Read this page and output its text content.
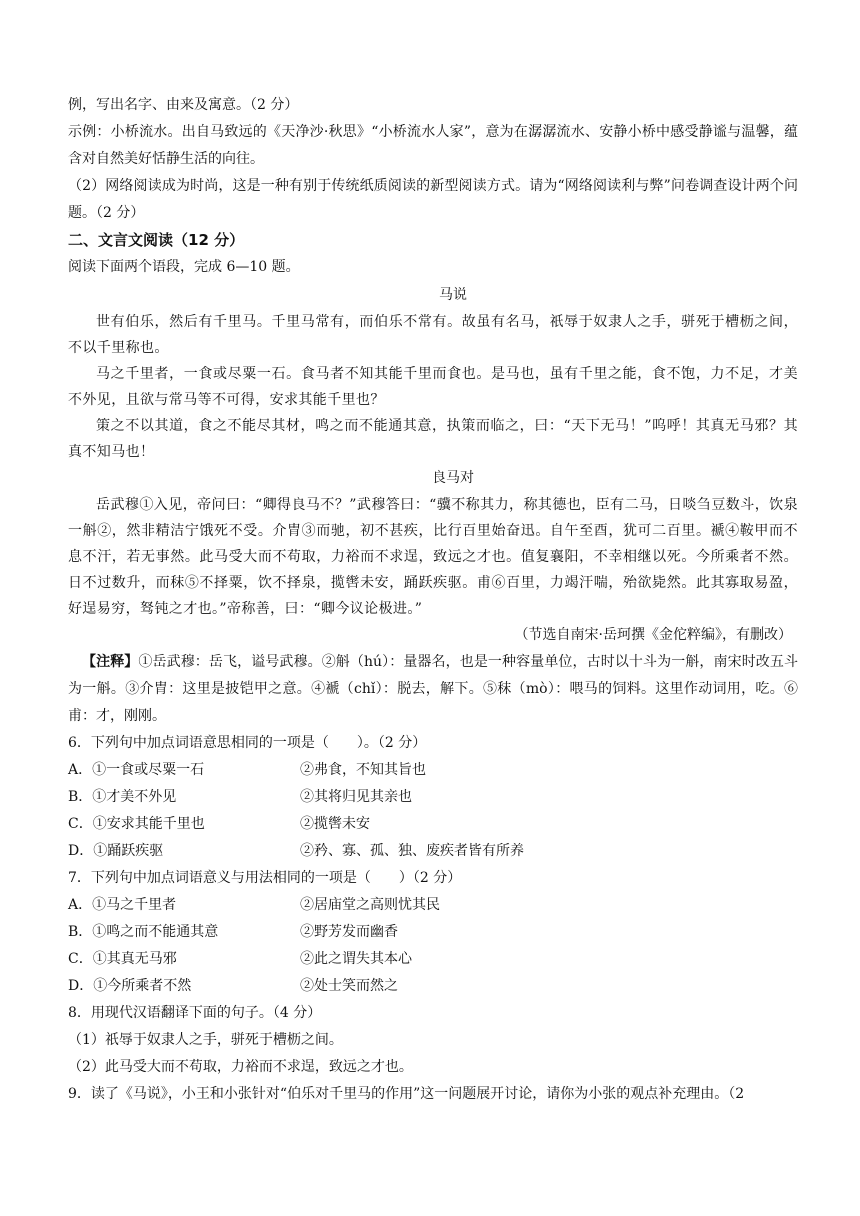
例，写出名字、由来及寓意。（2 分）

示例：小桥流水。出自马致远的《天净沙·秋思》“小桥流水人家”，意为在潺潺流水、安静小桥中感受静谧与温馨，蕴含对自然美好恬静生活的向往。

（2）网络阅读成为时尚，这是一种有别于传统纸质阅读的新型阅读方式。请为“网络阅读利与弊”问卷调查设计两个问题。（2 分）

二、文言文阅读（12 分）

阅读下面两个语段，完成 6—10 题。

马说

世有伯乐，然后有千里马。千里马常有，而伯乐不常有。故虽有名马，祇辱于奴隶人之手，骈死于槽枥之间，不以千里称也。

马之千里者，一食或尽粟一石。食马者不知其能千里而食也。是马也，虽有千里之能，食不饱，力不足，才美不外见，且欲与常马等不可得，安求其能千里也？

策之不以其道，食之不能尽其材，鸣之而不能通其意，执策而临之，曰：“天下无马！”呜呼！其真无马邪？其真不知马也！

良马对

岳武穆①入见，帝问曰：“卿得良马不？”武穆答曰：“骥不称其力，称其德也，臣有二马，日啖刍豆数斗，饮泉一斛②，然非精洁宁饿死不受。介胄③而驰，初不甚疾，比行百里始奋迅。自午至酉，犹可二百里。褫④鞍甲而不息不汗，若无事然。此马受大而不苟取，力裕而不求逞，致远之才也。值复襄阳，不幸相继以死。今所乘者不然。日不过数升，而秣⑤不择粟，饮不择泉，揽辔未安，踊跃疾驱。甫⑥百里，力竭汗喘，殆欲毙然。此其寡取易盈，好逞易穷，驽钝之才也。”帝称善，曰：“卿今议论极进。”

（节选自南宋·岳珂撰《金佗粹编》，有删改）

【注释】①岳武穆：岳飞，谥号武穆。②斛（hú）：量器名，也是一种容量单位，古时以十斗为一斛，南宋时改五斗为一斛。③介胄：这里是披铠甲之意。④褫（chǐ）：脱去，解下。⑤秣（mò）：喂马的饲料。这里作动词用，吃。⑥甫：才，刚刚。

6．下列句中加点词语意思相同的一项是（　　）。（2 分）

A．①一食或尽粟一石	②弗食，不知其旨也
B．①才美不外见	②其将归见其亲也
C．①安求其能千里也	②揽辔未安
D．①踊跃疾驱	②矜、寡、孤、独、废疾者皆有所养

7．下列句中加点词语意义与用法相同的一项是（　　）（2 分）

A．①马之千里者	②居庙堂之高则忧其民
B．①鸣之而不能通其意	②野芳发而幽香
C．①其真无马邪	②此之谓失其本心
D．①今所乘者不然	②处士笑而然之

8．用现代汉语翻译下面的句子。（4 分）

（1）祇辱于奴隶人之手，骈死于槽枥之间。

（2）此马受大而不苟取，力裕而不求逞，致远之才也。

9．读了《马说》，小王和小张针对“伯乐对千里马的作用”这一问题展开讨论，请你为小张的观点补充理由。（2
